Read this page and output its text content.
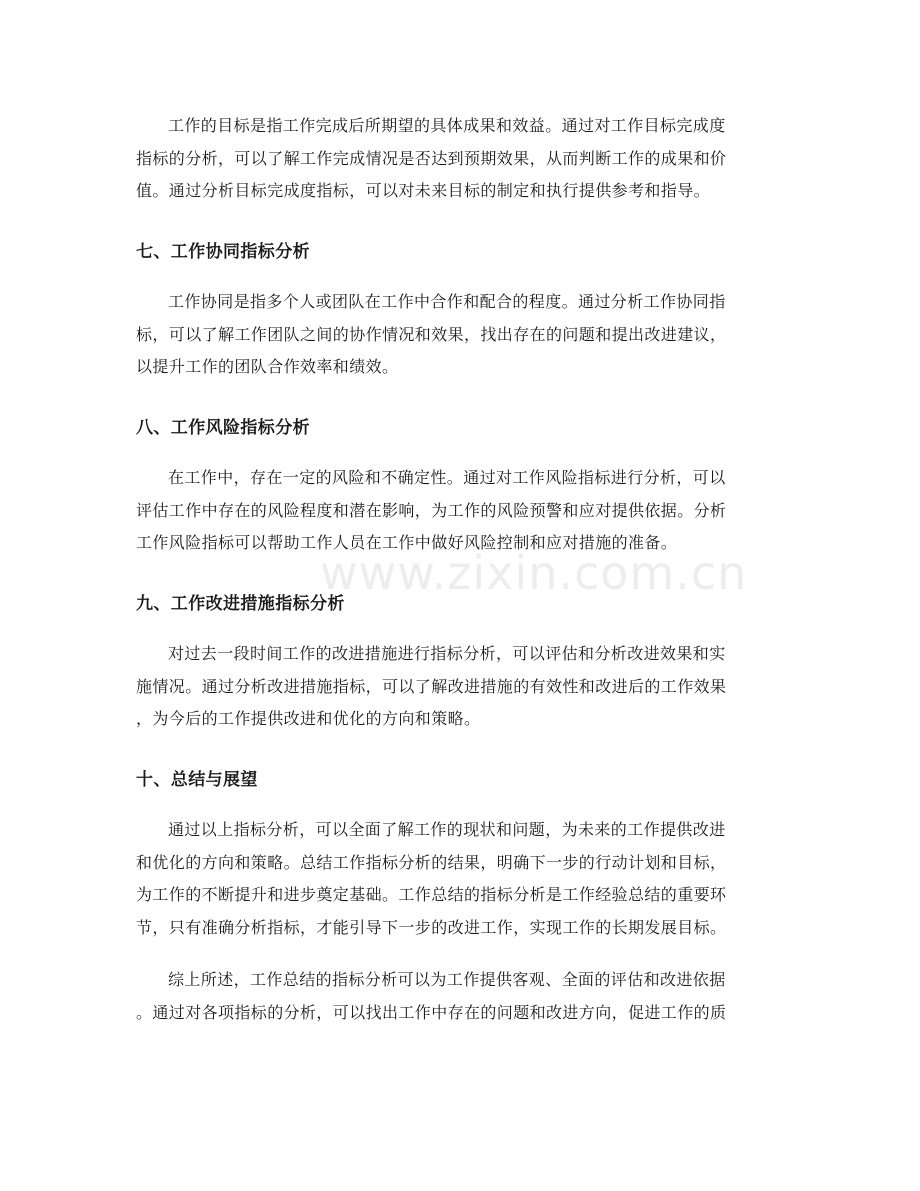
www.zixin.com.cn
工作的目标是指工作完成后所期望的具体成果和效益。通过对工作目标完成度
指标的分析，可以了解工作完成情况是否达到预期效果，从而判断工作的成果和价
值。通过分析目标完成度指标，可以对未来目标的制定和执行提供参考和指导。
七、工作协同指标分析
工作协同是指多个人或团队在工作中合作和配合的程度。通过分析工作协同指
标，可以了解工作团队之间的协作情况和效果，找出存在的问题和提出改进建议，
以提升工作的团队合作效率和绩效。
八、工作风险指标分析
在工作中，存在一定的风险和不确定性。通过对工作风险指标进行分析，可以
评估工作中存在的风险程度和潜在影响，为工作的风险预警和应对提供依据。分析
工作风险指标可以帮助工作人员在工作中做好风险控制和应对措施的准备。
九、工作改进措施指标分析
对过去一段时间工作的改进措施进行指标分析，可以评估和分析改进效果和实
施情况。通过分析改进措施指标，可以了解改进措施的有效性和改进后的工作效果
，为今后的工作提供改进和优化的方向和策略。
十、总结与展望
通过以上指标分析，可以全面了解工作的现状和问题，为未来的工作提供改进
和优化的方向和策略。总结工作指标分析的结果，明确下一步的行动计划和目标，
为工作的不断提升和进步奠定基础。工作总结的指标分析是工作经验总结的重要环
节，只有准确分析指标，才能引导下一步的改进工作，实现工作的长期发展目标。
综上所述，工作总结的指标分析可以为工作提供客观、全面的评估和改进依据
。通过对各项指标的分析，可以找出工作中存在的问题和改进方向，促进工作的质
